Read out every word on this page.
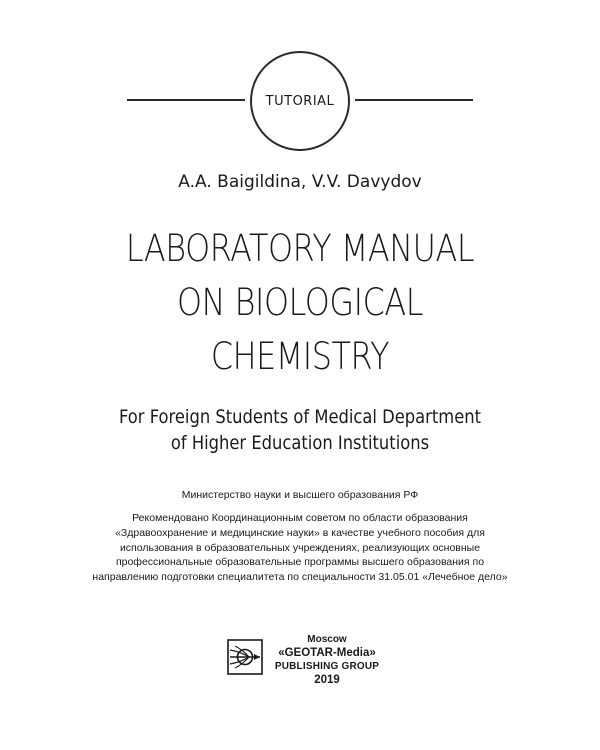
TUTORIAL
A.A. Baigildina, V.V. Davydov
LABORATORY MANUAL
ON BIOLOGICAL
CHEMISTRY
For Foreign Students of Medical Department
of Higher Education Institutions
Министерство науки и высшего образования РФ
Рекомендовано Координационным советом по области образования
«Здравоохранение и медицинские науки» в качестве учебного пособия для
использования в образовательных учреждениях, реализующих основные
профессиональные образовательные программы высшего образования по
направлению подготовки специалитета по специальности 31.05.01 «Лечебное дело»
Moscow
«GEOTAR-Media»
PUBLISHING GROUP
2019
